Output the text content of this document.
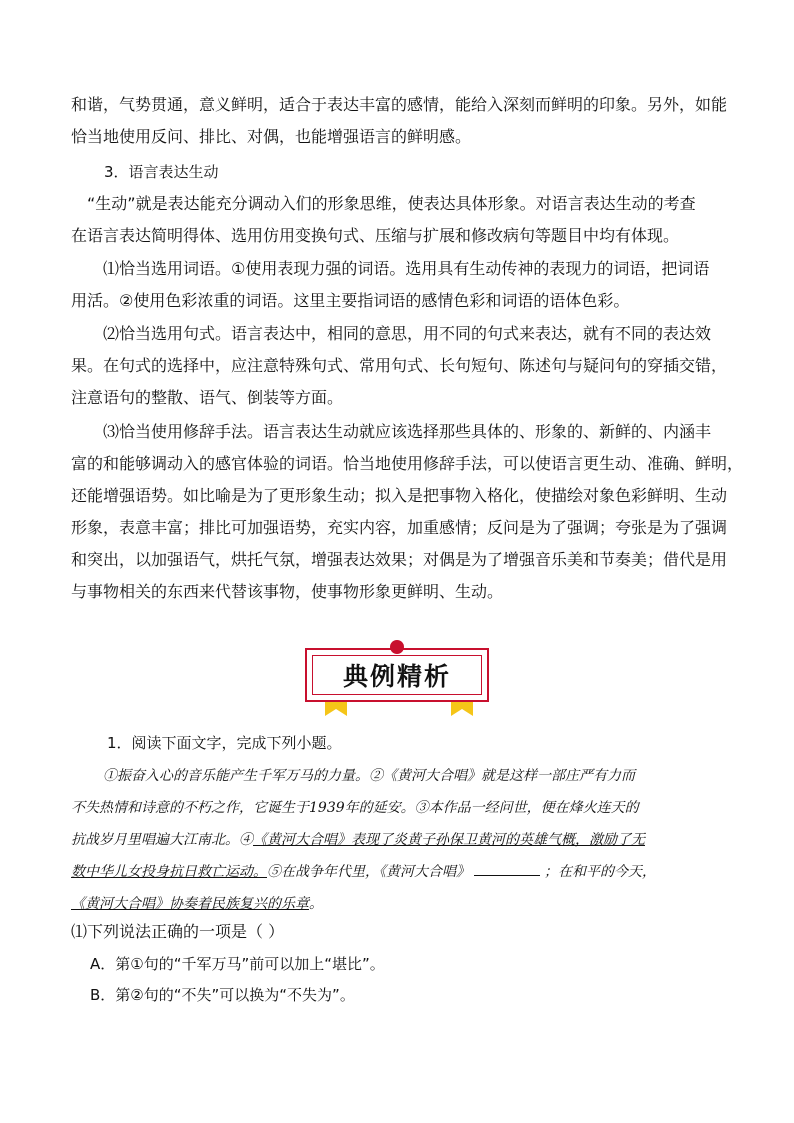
和谐，气势贯通，意义鲜明，适合于表达丰富的感情，能给入深刻而鲜明的印象。另外，如能
恰当地使用反问、排比、对偶，也能增强语言的鲜明感。

3．语言表达生动

“生动”就是表达能充分调动入们的形象思维，使表达具体形象。对语言表达生动的考查
在语言表达简明得体、选用仿用变换句式、压缩与扩展和修改病句等题目中均有体现。

⑴恰当选用词语。①使用表现力强的词语。选用具有生动传神的表现力的词语，把词语
用活。②使用色彩浓重的词语。这里主要指词语的感情色彩和词语的语体色彩。

⑵恰当选用句式。语言表达中，相同的意思，用不同的句式来表达，就有不同的表达效
果。在句式的选择中，应注意特殊句式、常用句式、长句短句、陈述句与疑问句的穿插交错，
注意语句的整散、语气、倒装等方面。

⑶恰当使用修辞手法。语言表达生动就应该选择那些具体的、形象的、新鲜的、内涵丰
富的和能够调动入的感官体验的词语。恰当地使用修辞手法，可以使语言更生动、准确、鲜明，
还能增强语势。如比喻是为了更形象生动；拟入是把事物入格化，使描绘对象色彩鲜明、生动
形象，表意丰富；排比可加强语势，充实内容，加重感情；反问是为了强调；夸张是为了强调
和突出，以加强语气，烘托气氛，增强表达效果；对偶是为了增强音乐美和节奏美；借代是用
与事物相关的东西来代替该事物，使事物形象更鲜明、生动。

典例精析
1．阅读下面文字，完成下列小题。
①振奋入心的音乐能产生千军万马的力量。②《黄河大合唱》就是这样一部庄严有力而
不失热情和诗意的不朽之作，它诞生于1939年的延安。③本作品一经问世，便在烽火连天的
抗战岁月里唱遍大江南北。④《黄河大合唱》表现了炎黄子孙保卫黄河的英雄气概，激励了无
数中华儿女投身抗日救亡运动。⑤在战争年代里，《黄河大合唱》	；在和平的今天，
《黄河大合唱》协奏着民族复兴的乐章。
⑴下列说法正确的一项是（ ）
A．第①句的“千军万马”前可以加上“堪比”。
B．第②句的“不失”可以换为“不失为”。
